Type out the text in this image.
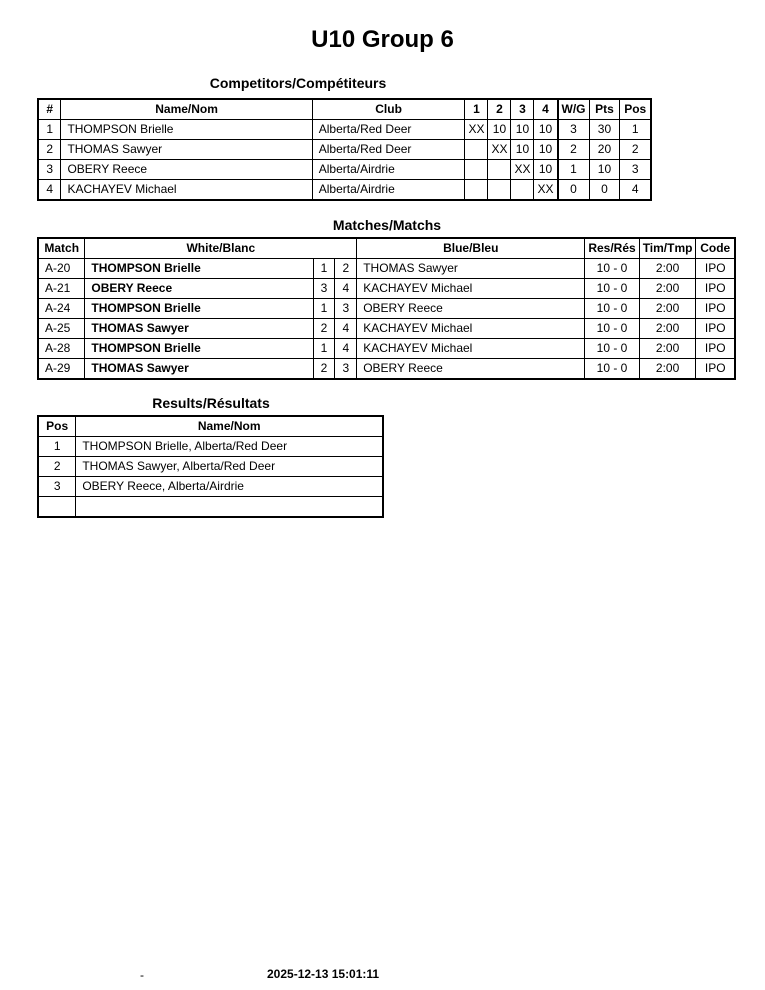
U10 Group 6
Competitors/Compétiteurs
#	Name/Nom	Club	1	2	3	4	W/G	Pts	Pos
1	THOMPSON Brielle	Alberta/Red Deer	XX	10	10	10	3	30	1
2	THOMAS Sawyer	Alberta/Red Deer		XX	10	10	2	20	2
3	OBERY Reece	Alberta/Airdrie			XX	10	1	10	3
4	KACHAYEV Michael	Alberta/Airdrie				XX	0	0	4
Matches/Matchs
Match	White/Blanc			Blue/Bleu	Res/Rés	Tim/Tmp	Code
A-20	THOMPSON Brielle	1	2	THOMAS Sawyer	10 - 0	2:00	IPO
A-21	OBERY Reece	3	4	KACHAYEV Michael	10 - 0	2:00	IPO
A-24	THOMPSON Brielle	1	3	OBERY Reece	10 - 0	2:00	IPO
A-25	THOMAS Sawyer	2	4	KACHAYEV Michael	10 - 0	2:00	IPO
A-28	THOMPSON Brielle	1	4	KACHAYEV Michael	10 - 0	2:00	IPO
A-29	THOMAS Sawyer	2	3	OBERY Reece	10 - 0	2:00	IPO
Results/Résultats
Pos	Name/Nom
1	THOMPSON Brielle, Alberta/Red Deer
2	THOMAS Sawyer, Alberta/Red Deer
3	OBERY Reece, Alberta/Airdrie

-	2025-12-13 15:01:11
